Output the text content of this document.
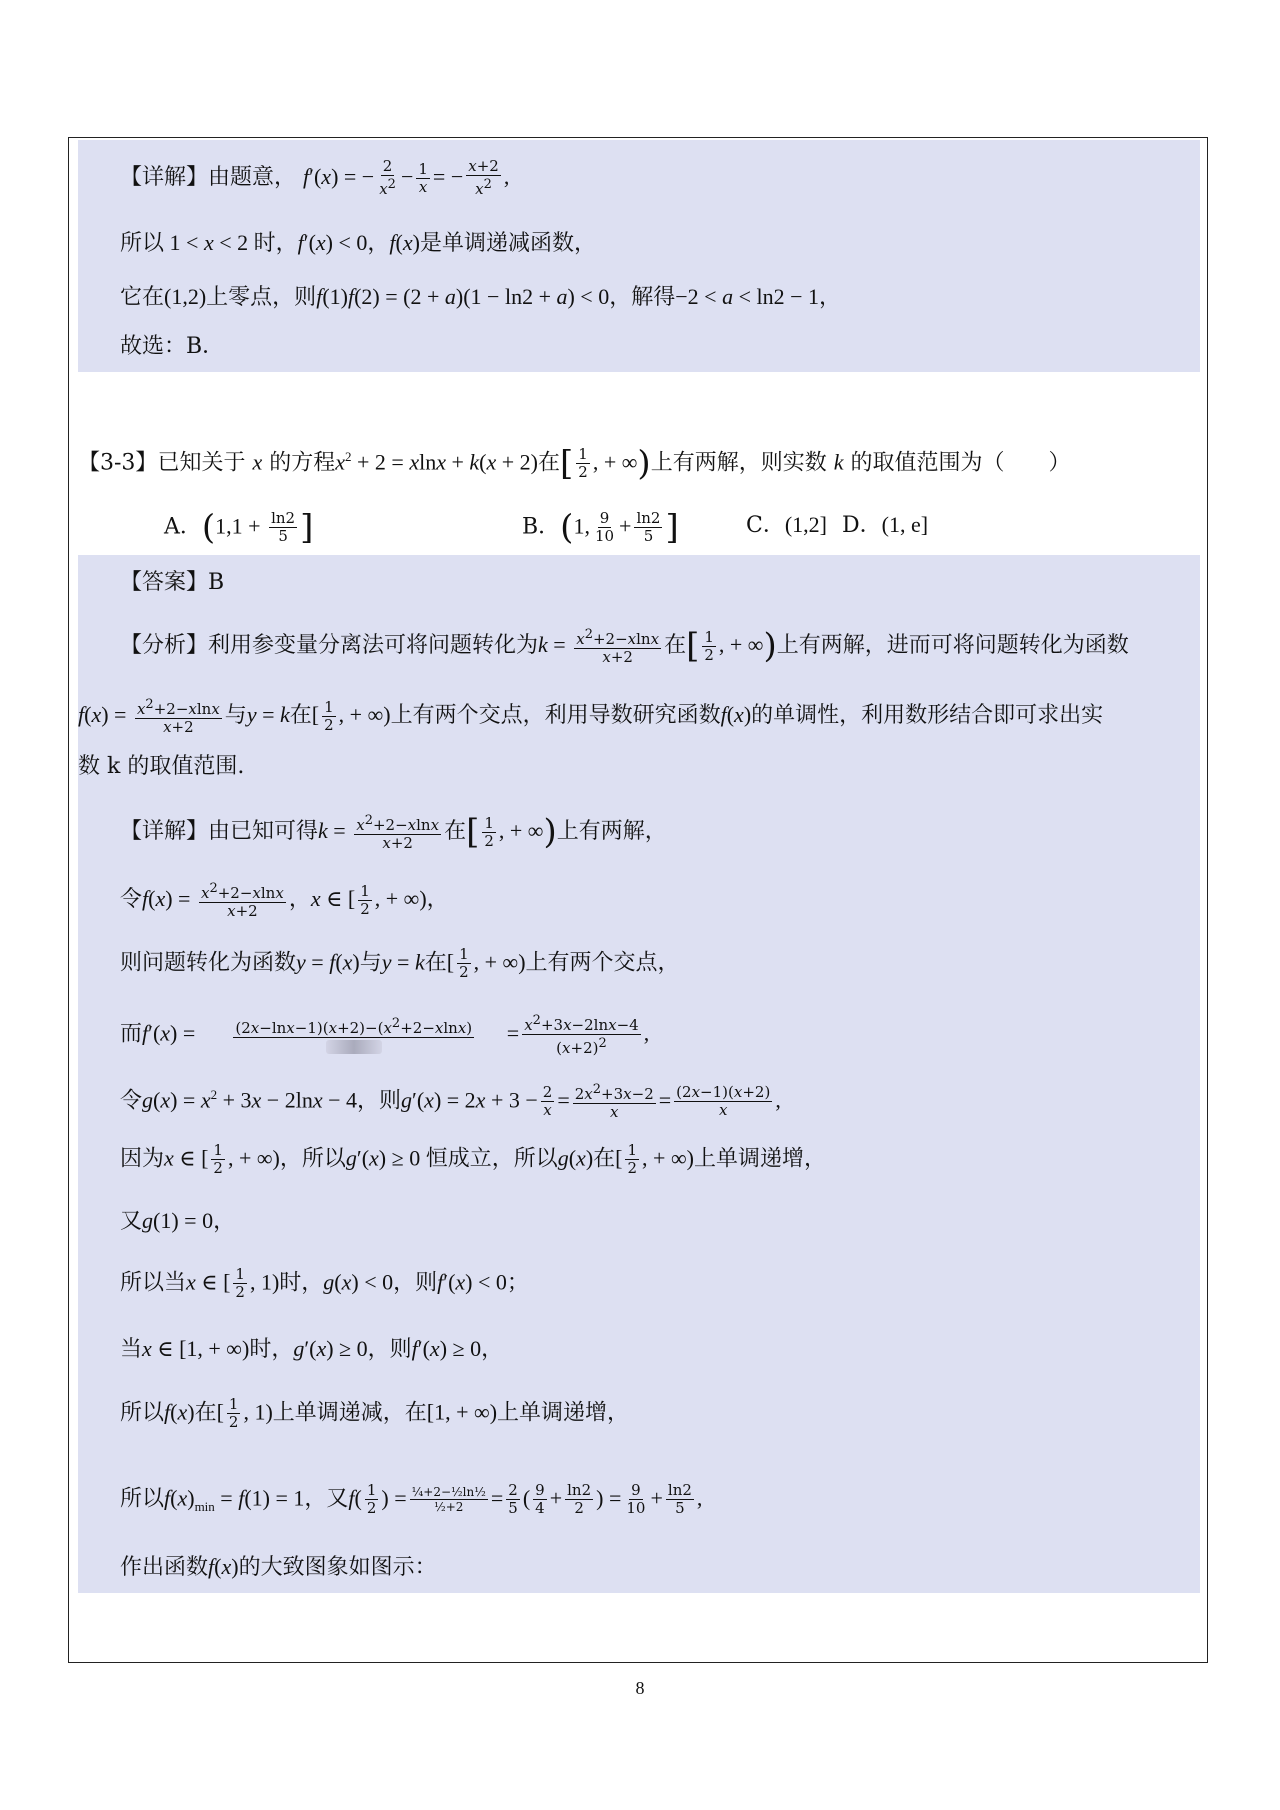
【详解】由题意， f′(x) = − $\frac{2}{x^2} - \frac{1}{x}$ = − $\frac{x+2}{x^2}$ ,
所以 1 < x < 2 时，f′(x) < 0，f(x)是单调递减函数，
它在(1,2)上零点，则f(1)f(2) = (2 + a)(1 − ln2 + a) < 0，解得−2 < a < ln2 − 1，
故选：B．
【3-3】已知关于 x 的方程$x^2 + 2 = xlnx + k(x + 2)$在[ $\frac{1}{2}$ , + ∞)上有两解，则实数 k 的取值范围为（　　）
A．($1,1 + \frac{\ln 2}{5}$ ]	B．(1, $\frac{9}{10} + \frac{\ln 2}{5}$ ]	C．(1,2] D．(1, e]
【答案】B
【分析】利用参变量分离法可将问题转化为$k = \frac{x^2+2-xlnx}{x+2}$ 在[ $\frac{1}{2}$ , + ∞)上有两解，进而可将问题转化为函数
$f(x) = \frac{x^2+2-xlnx}{x+2}$ 与y = k在[ $\frac{1}{2}$ , + ∞)上有两个交点，利用导数研究函数f(x)的单调性，利用数形结合即可求出实
数 k 的取值范围.
【详解】由已知可得$k = \frac{x^2+2-xlnx}{x+2}$ 在[ $\frac{1}{2}$ , + ∞)上有两解，
令$f(x) = \frac{x^2+2-xlnx}{x+2}$ ，x ∈ [ $\frac{1}{2}$ , + ∞)，
则问题转化为函数y = f(x)与y = k在[ $\frac{1}{2}$ , + ∞)上有两个交点，
而$f'(x) = (2x-\ln x-1)(x+2)-(x^2+2-xlnx) = \frac{x^2+3x-2\ln x-4}{(x+2)^2}$ ,
令$g(x) = x^2 + 3x - 2\ln x - 4$，则$g'(x) = 2x + 3 - \frac{2}{x} = \frac{2x^2+3x-2}{x} = \frac{(2x-1)(x+2)}{x}$ ,
因为x ∈ [ $\frac{1}{2}$ , + ∞)，所以g′(x) ≥ 0 恒成立，所以g(x)在[ $\frac{1}{2}$ , + ∞)上单调递增，
又g(1) = 0，
所以当x ∈ [ $\frac{1}{2}$ , 1)时，g(x) < 0，则f′(x) < 0；
当x ∈ [1, + ∞)时，g′(x) ≥ 0，则f′(x) ≥ 0，
所以f(x)在[ $\frac{1}{2}$ , 1)上单调递减，在[1, + ∞)上单调递增，
所以$f(x)_{min} = f(1) = 1$，又$f( \frac{1}{2}$ ) = $\frac{\text{¼+2−½ln½}}{\text{½+2}} = \frac{2}{5}$ ( $\frac{9}{4} + \frac{\ln 2}{2}$ ) = $\frac{9}{10} + \frac{\ln 2}{5}$ ,
作出函数f(x)的大致图象如图示：
8
